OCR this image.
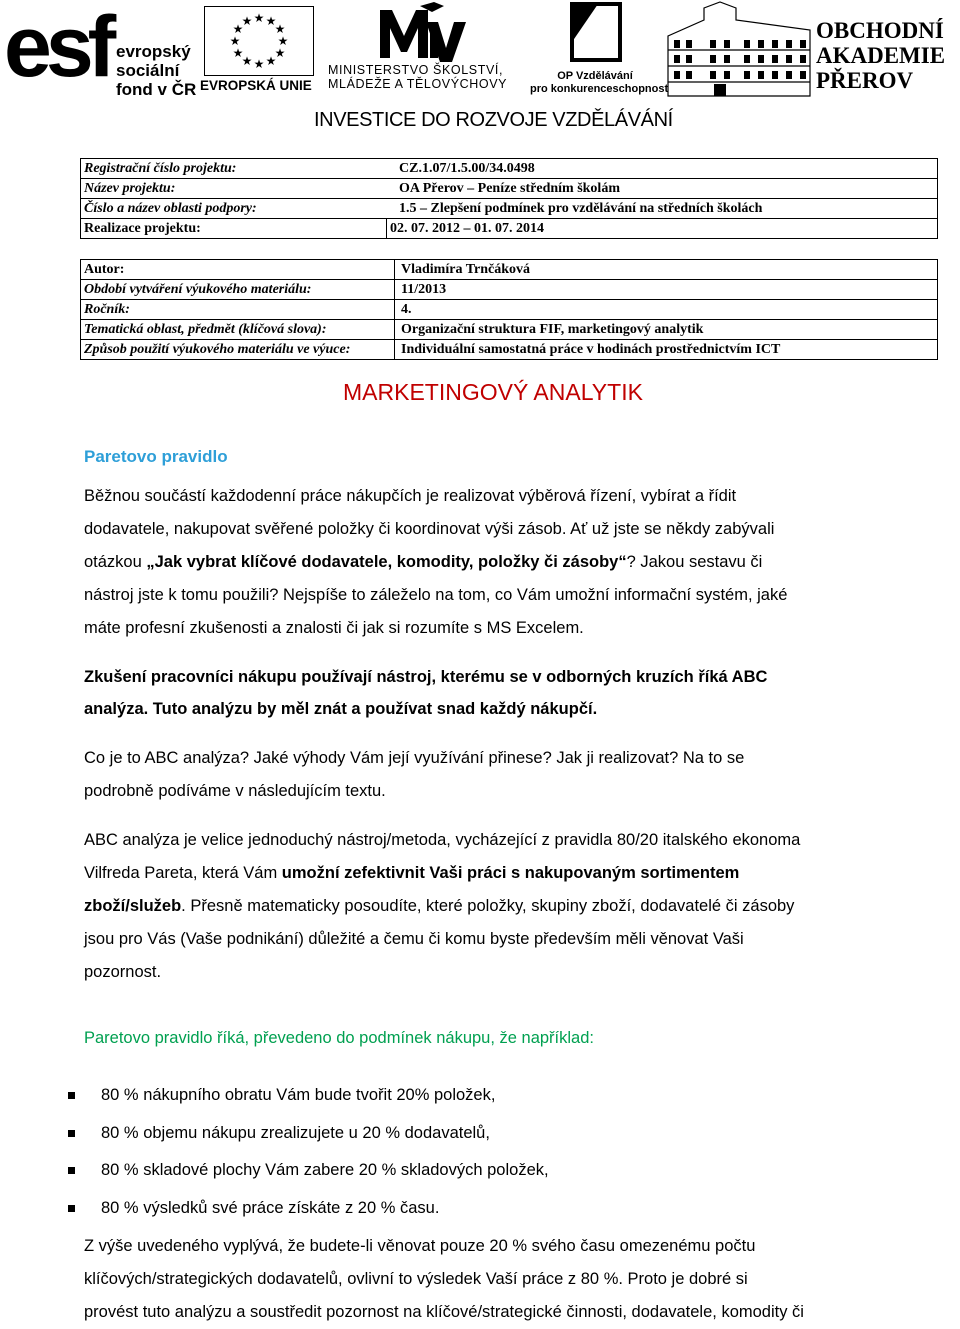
esf evropský
sociální
fond v ČR
★ ★
★
★
★
★
★
★
★
★
★
★
EVROPSKÁ UNIE
MINISTERSTVO ŠKOLSTVÍ,
MLÁDEŽE A TĚLOVÝCHOVY
OP Vzdělávání
pro konkurenceschopnost
OBCHODNÍ
AKADEMIE
PŘEROV
INVESTICE DO ROZVOJE VZDĚLÁVÁNÍ
Registrační číslo projektu:	CZ.1.07/1.5.00/34.0498
Název projektu:	OA Přerov – Peníze středním školám
Číslo a název oblasti podpory:	1.5 – Zlepšení podmínek pro vzdělávání na středních školách
Realizace projektu:	02. 07. 2012 – 01. 07. 2014
Autor:	Vladimíra Trnčáková
Období vytváření výukového materiálu:	11/2013
Ročník:	4.
Tematická oblast, předmět (klíčová slova):	Organizační struktura FIF, marketingový analytik
Způsob použití výukového materiálu ve výuce:	Individuální samostatná práce v hodinách prostřednictvím ICT
MARKETINGOVÝ ANALYTIK
Paretovo pravidlo
Běžnou součástí každodenní práce nákupčích je realizovat výběrová řízení, vybírat a řídit
dodavatele, nakupovat svěřené položky či koordinovat výši zásob. Ať už jste se někdy zabývali
otázkou „Jak vybrat klíčové dodavatele, komodity, položky či zásoby“? Jakou sestavu či
nástroj jste k tomu použili? Nejspíše to záleželo na tom, co Vám umožní informační systém, jaké
máte profesní zkušenosti a znalosti či jak si rozumíte s MS Excelem.
Zkušení pracovníci nákupu používají nástroj, kterému se v odborných kruzích říká ABC
analýza. Tuto analýzu by měl znát a používat snad každý nákupčí.
Co je to ABC analýza? Jaké výhody Vám její využívání přinese? Jak ji realizovat? Na to se
podrobně podíváme v následujícím textu.
ABC analýza je velice jednoduchý nástroj/metoda, vycházející z pravidla 80/20 italského ekonoma
Vilfreda Pareta, která Vám umožní zefektivnit Vaši práci s nakupovaným sortimentem
zboží/služeb. Přesně matematicky posoudíte, které položky, skupiny zboží, dodavatelé či zásoby
jsou pro Vás (Vaše podnikání) důležité a čemu či komu byste především měli věnovat Vaši
pozornost.
Paretovo pravidlo říká, převedeno do podmínek nákupu, že například:
80 % nákupního obratu Vám bude tvořit 20% položek,
80 % objemu nákupu zrealizujete u 20 % dodavatelů,
80 % skladové plochy Vám zabere 20 % skladových položek,
80 % výsledků své práce získáte z 20 % času.
Z výše uvedeného vyplývá, že budete-li věnovat pouze 20 % svého času omezenému počtu
klíčových/strategických dodavatelů, ovlivní to výsledek Vaší práce z 80 %. Proto je dobré si
provést tuto analýzu a soustředit pozornost na klíčové/strategické činnosti, dodavatele, komodity či
